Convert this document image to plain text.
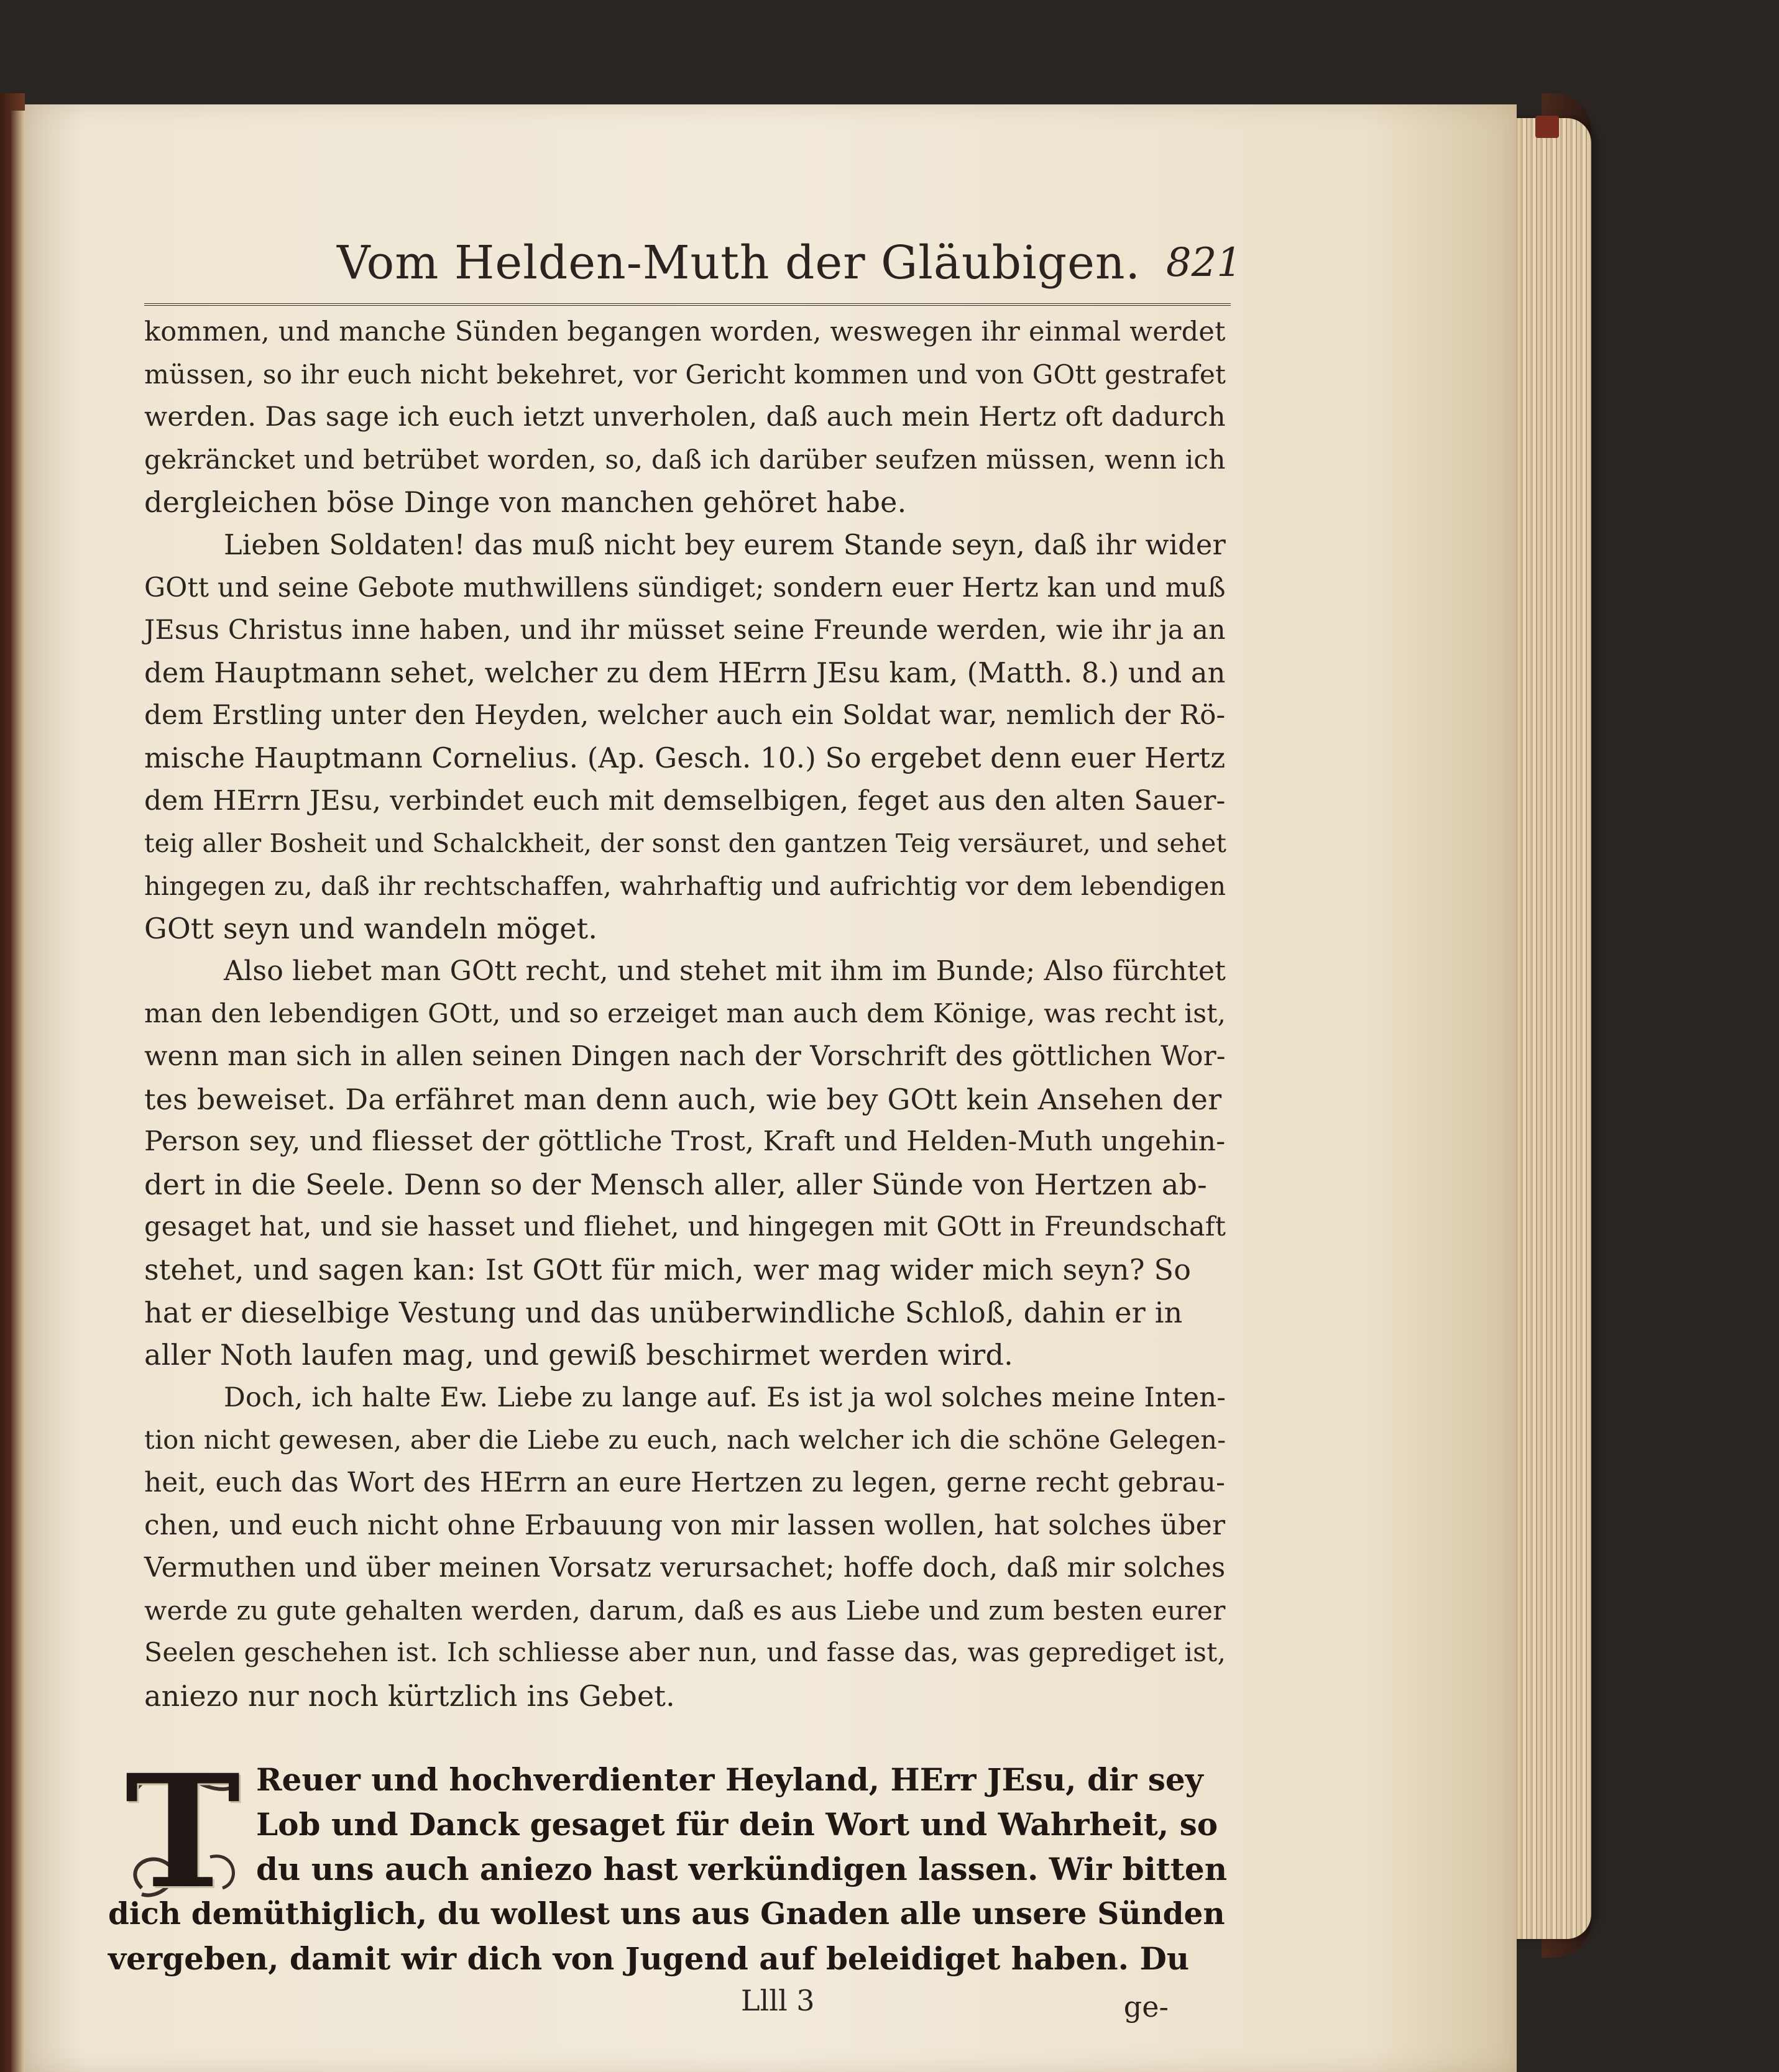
Vom Helden-Muth der Gläubigen. 821
kommen, und manche Sünden begangen worden, weswegen ihr einmal werdet
müssen, so ihr euch nicht bekehret, vor Gericht kommen und von GOtt gestrafet
werden. Das sage ich euch ietzt unverholen, daß auch mein Hertz oft dadurch
gekräncket und betrübet worden, so, daß ich darüber seufzen müssen, wenn ich
dergleichen böse Dinge von manchen gehöret habe.
Lieben Soldaten! das muß nicht bey eurem Stande seyn, daß ihr wider
GOtt und seine Gebote muthwillens sündiget; sondern euer Hertz kan und muß
JEsus Christus inne haben, und ihr müsset seine Freunde werden, wie ihr ja an
dem Hauptmann sehet, welcher zu dem HErrn JEsu kam, (Matth. 8.) und an
dem Erstling unter den Heyden, welcher auch ein Soldat war, nemlich der Rö-
mische Hauptmann Cornelius. (Ap. Gesch. 10.) So ergebet denn euer Hertz
dem HErrn JEsu, verbindet euch mit demselbigen, feget aus den alten Sauer-
teig aller Bosheit und Schalckheit, der sonst den gantzen Teig versäuret, und sehet
hingegen zu, daß ihr rechtschaffen, wahrhaftig und aufrichtig vor dem lebendigen
GOtt seyn und wandeln möget.
Also liebet man GOtt recht, und stehet mit ihm im Bunde; Also fürchtet
man den lebendigen GOtt, und so erzeiget man auch dem Könige, was recht ist,
wenn man sich in allen seinen Dingen nach der Vorschrift des göttlichen Wor-
tes beweiset. Da erfähret man denn auch, wie bey GOtt kein Ansehen der
Person sey, und fliesset der göttliche Trost, Kraft und Helden-Muth ungehin-
dert in die Seele. Denn so der Mensch aller, aller Sünde von Hertzen ab-
gesaget hat, und sie hasset und fliehet, und hingegen mit GOtt in Freundschaft
stehet, und sagen kan: Ist GOtt für mich, wer mag wider mich seyn? So
hat er dieselbige Vestung und das unüberwindliche Schloß, dahin er in
aller Noth laufen mag, und gewiß beschirmet werden wird.
Doch, ich halte Ew. Liebe zu lange auf. Es ist ja wol solches meine Inten-
tion nicht gewesen, aber die Liebe zu euch, nach welcher ich die schöne Gelegen-
heit, euch das Wort des HErrn an eure Hertzen zu legen, gerne recht gebrau-
chen, und euch nicht ohne Erbauung von mir lassen wollen, hat solches über
Vermuthen und über meinen Vorsatz verursachet; hoffe doch, daß mir solches
werde zu gute gehalten werden, darum, daß es aus Liebe und zum besten eurer
Seelen geschehen ist. Ich schliesse aber nun, und fasse das, was geprediget ist,
aniezo nur noch kürtzlich ins Gebet.
T Reuer und hochverdienter Heyland, HErr JEsu, dir sey
Lob und Danck gesaget für dein Wort und Wahrheit, so
du uns auch aniezo hast verkündigen lassen. Wir bitten
dich demüthiglich, du wollest uns aus Gnaden alle unsere Sünden
vergeben, damit wir dich von Jugend auf beleidiget haben. Du
Llll 3	ge-
